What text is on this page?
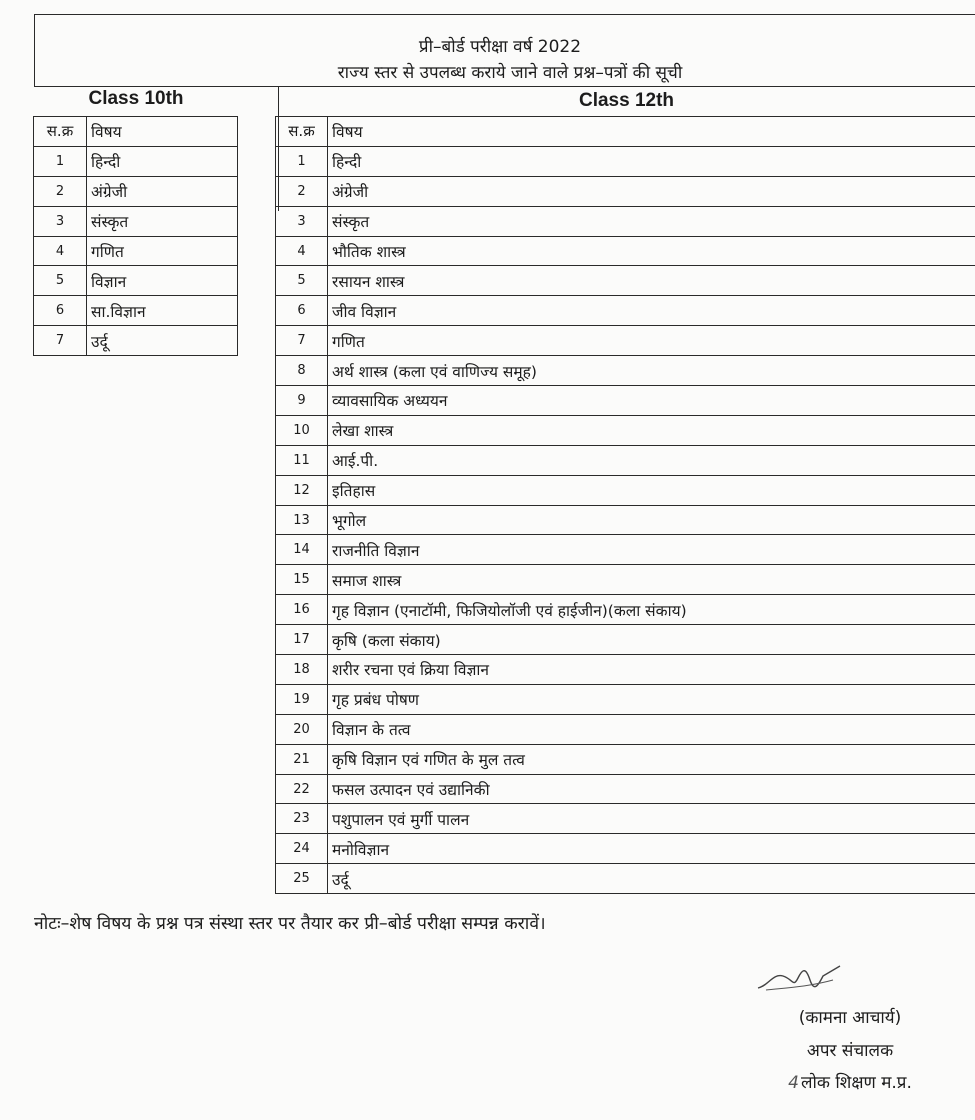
प्री–बोर्ड परीक्षा वर्ष 2022
राज्य स्तर से उपलब्ध कराये जाने वाले प्रश्न–पत्रों की सूची
Class 10th	Class 12th
स.क्र	विषय
1	हिन्दी
2	अंग्रेजी
3	संस्कृत
4	गणित
5	विज्ञान
6	सा.विज्ञान
7	उर्दू
स.क्र	विषय
1	हिन्दी
2	अंग्रेजी
3	संस्कृत
4	भौतिक शास्त्र
5	रसायन शास्त्र
6	जीव विज्ञान
7	गणित
8	अर्थ शास्त्र (कला एवं वाणिज्य समूह)
9	व्यावसायिक अध्ययन
10	लेखा शास्त्र
11	आई.पी.
12	इतिहास
13	भूगोल
14	राजनीति विज्ञान
15	समाज शास्त्र
16	गृह विज्ञान (एनाटॉमी, फिजियोलॉजी एवं हाईजीन)(कला संकाय)
17	कृषि (कला संकाय)
18	शरीर रचना एवं क्रिया विज्ञान
19	गृह प्रबंध पोषण
20	विज्ञान के तत्व
21	कृषि विज्ञान एवं गणित के मुल तत्व
22	फसल उत्पादन एवं उद्यानिकी
23	पशुपालन एवं मुर्गी पालन
24	मनोविज्ञान
25	उर्दू
नोटः–शेष विषय के प्रश्न पत्र संस्था स्तर पर तैयार कर प्री–बोर्ड परीक्षा सम्पन्न करावें।
(कामना आचार्य)
अपर संचालक
4 लोक शिक्षण म.प्र.
